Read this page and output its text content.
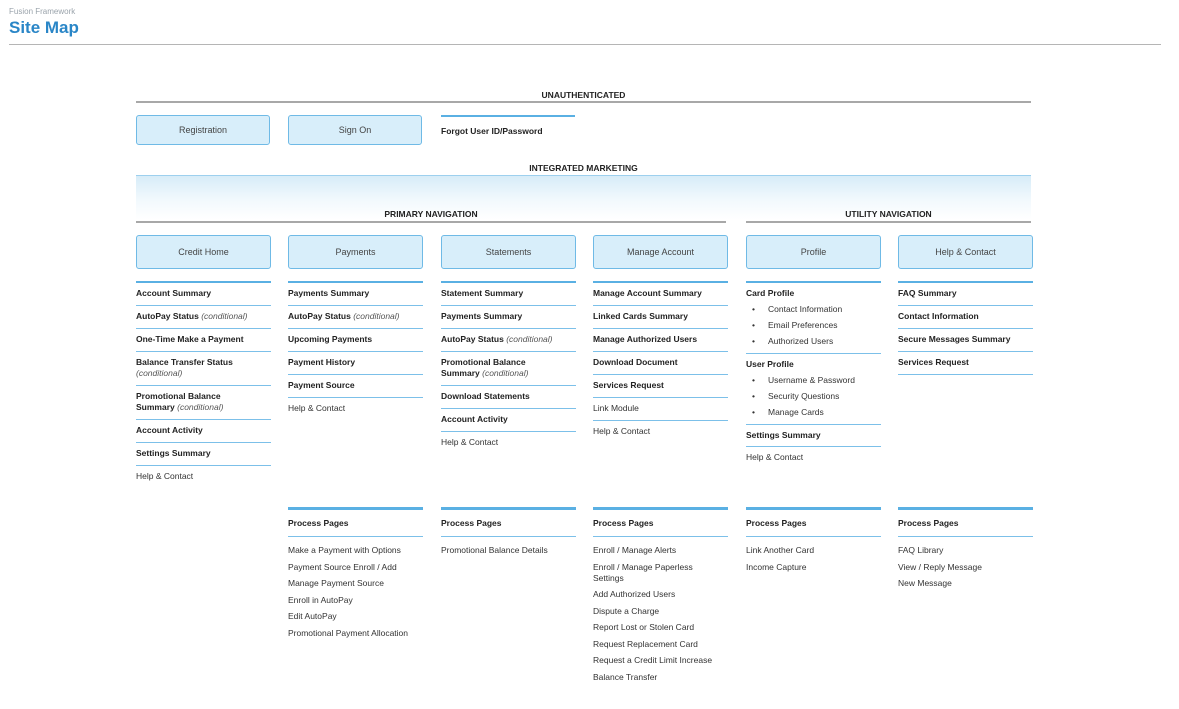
Fusion Framework
Site Map
UNAUTHENTICATED
Registration	Sign On	Forgot User ID/Password
INTEGRATED MARKETING
PRIMARY NAVIGATION	UTILITY NAVIGATION
Credit Home	Payments	Statements	Manage Account	Profile	Help & Contact
Account Summary
AutoPay Status (conditional)
One-Time Make a Payment
Balance Transfer Status
(conditional)
Promotional Balance
Summary (conditional)
Account Activity
Settings Summary
Help & Contact
Payments Summary
AutoPay Status (conditional)
Upcoming Payments
Payment History
Payment Source
Help & Contact
Statement Summary
Payments Summary
AutoPay Status (conditional)
Promotional Balance
Summary (conditional)
Download Statements
Account Activity
Help & Contact
Manage Account Summary
Linked Cards Summary
Manage Authorized Users
Download Document
Services Request
Link Module
Help & Contact
Card Profile
• Contact Information
• Email Preferences
• Authorized Users
User Profile
• Username & Password
• Security Questions
• Manage Cards
Settings Summary
Help & Contact
FAQ Summary
Contact Information
Secure Messages Summary
Services Request
Process Pages
Make a Payment with Options
Payment Source Enroll / Add
Manage Payment Source
Enroll in AutoPay
Edit AutoPay
Promotional Payment Allocation
Process Pages
Promotional Balance Details
Process Pages
Enroll / Manage Alerts
Enroll / Manage Paperless Settings
Add Authorized Users
Dispute a Charge
Report Lost or Stolen Card
Request Replacement Card
Request a Credit Limit Increase
Balance Transfer
Process Pages
Link Another Card
Income Capture
Process Pages
FAQ Library
View / Reply Message
New Message
